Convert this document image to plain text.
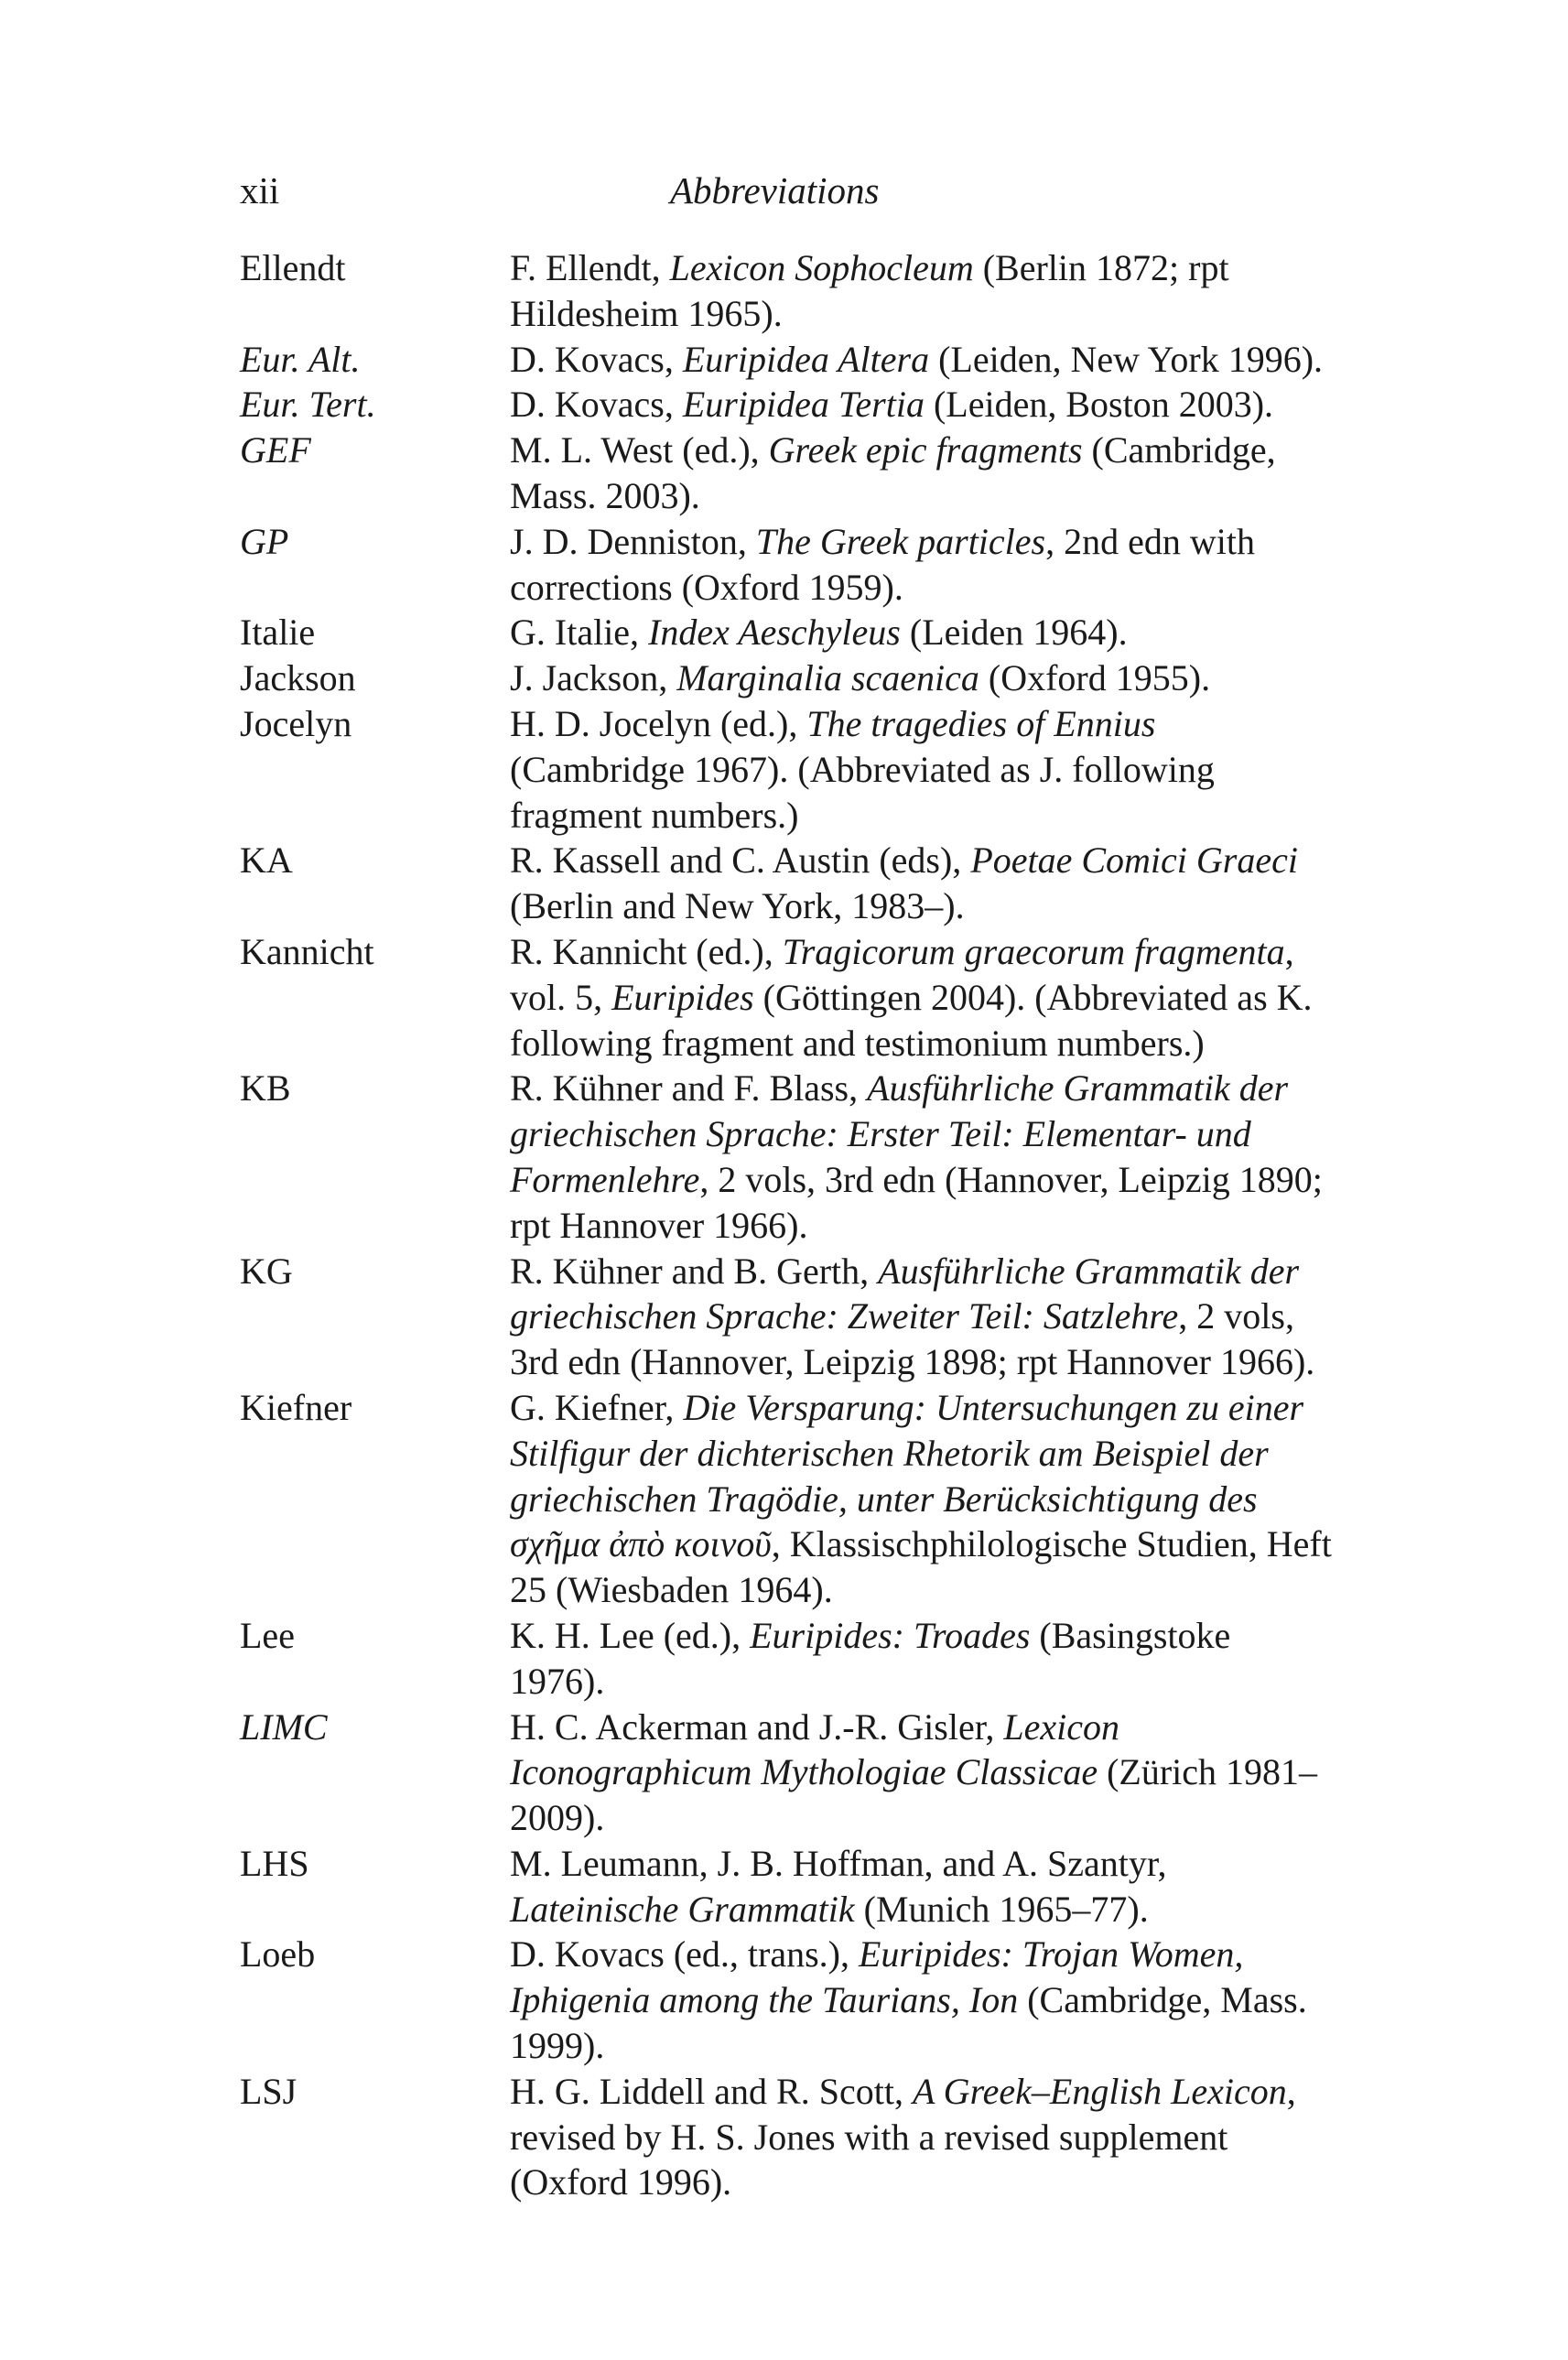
xii	Abbreviations
Ellendt	F. Ellendt, Lexicon Sophocleum (Berlin 1872; rpt Hildesheim 1965).
Eur. Alt.	D. Kovacs, Euripidea Altera (Leiden, New York 1996).
Eur. Tert.	D. Kovacs, Euripidea Tertia (Leiden, Boston 2003).
GEF	M. L. West (ed.), Greek epic fragments (Cambridge, Mass. 2003).
GP	J. D. Denniston, The Greek particles, 2nd edn with corrections (Oxford 1959).
Italie	G. Italie, Index Aeschyleus (Leiden 1964).
Jackson	J. Jackson, Marginalia scaenica (Oxford 1955).
Jocelyn	H. D. Jocelyn (ed.), The tragedies of Ennius (Cambridge 1967). (Abbreviated as J. following fragment numbers.)
KA	R. Kassell and C. Austin (eds), Poetae Comici Graeci (Berlin and New York, 1983–).
Kannicht	R. Kannicht (ed.), Tragicorum graecorum fragmenta, vol. 5, Euripides (Göttingen 2004). (Abbreviated as K. following fragment and testimonium numbers.)
KB	R. Kühner and F. Blass, Ausführliche Grammatik der griechischen Sprache: Erster Teil: Elementar- und Formenlehre, 2 vols, 3rd edn (Hannover, Leipzig 1890; rpt Hannover 1966).
KG	R. Kühner and B. Gerth, Ausführliche Grammatik der griechischen Sprache: Zweiter Teil: Satzlehre, 2 vols, 3rd edn (Hannover, Leipzig 1898; rpt Hannover 1966).
Kiefner	G. Kiefner, Die Versparung: Untersuchungen zu einer Stilfigur der dichterischen Rhetorik am Beispiel der griechischen Tragödie, unter Berücksichtigung des σχῆμα ἀπὸ κοινοῦ, Klassischphilologische Studien, Heft 25 (Wiesbaden 1964).
Lee	K. H. Lee (ed.), Euripides: Troades (Basingstoke 1976).
LIMC	H. C. Ackerman and J.-R. Gisler, Lexicon Iconographicum Mythologiae Classicae (Zürich 1981–2009).
LHS	M. Leumann, J. B. Hoffman, and A. Szantyr, Lateinische Grammatik (Munich 1965–77).
Loeb	D. Kovacs (ed., trans.), Euripides: Trojan Women, Iphigenia among the Taurians, Ion (Cambridge, Mass. 1999).
LSJ	H. G. Liddell and R. Scott, A Greek–English Lexicon, revised by H. S. Jones with a revised supplement (Oxford 1996).
